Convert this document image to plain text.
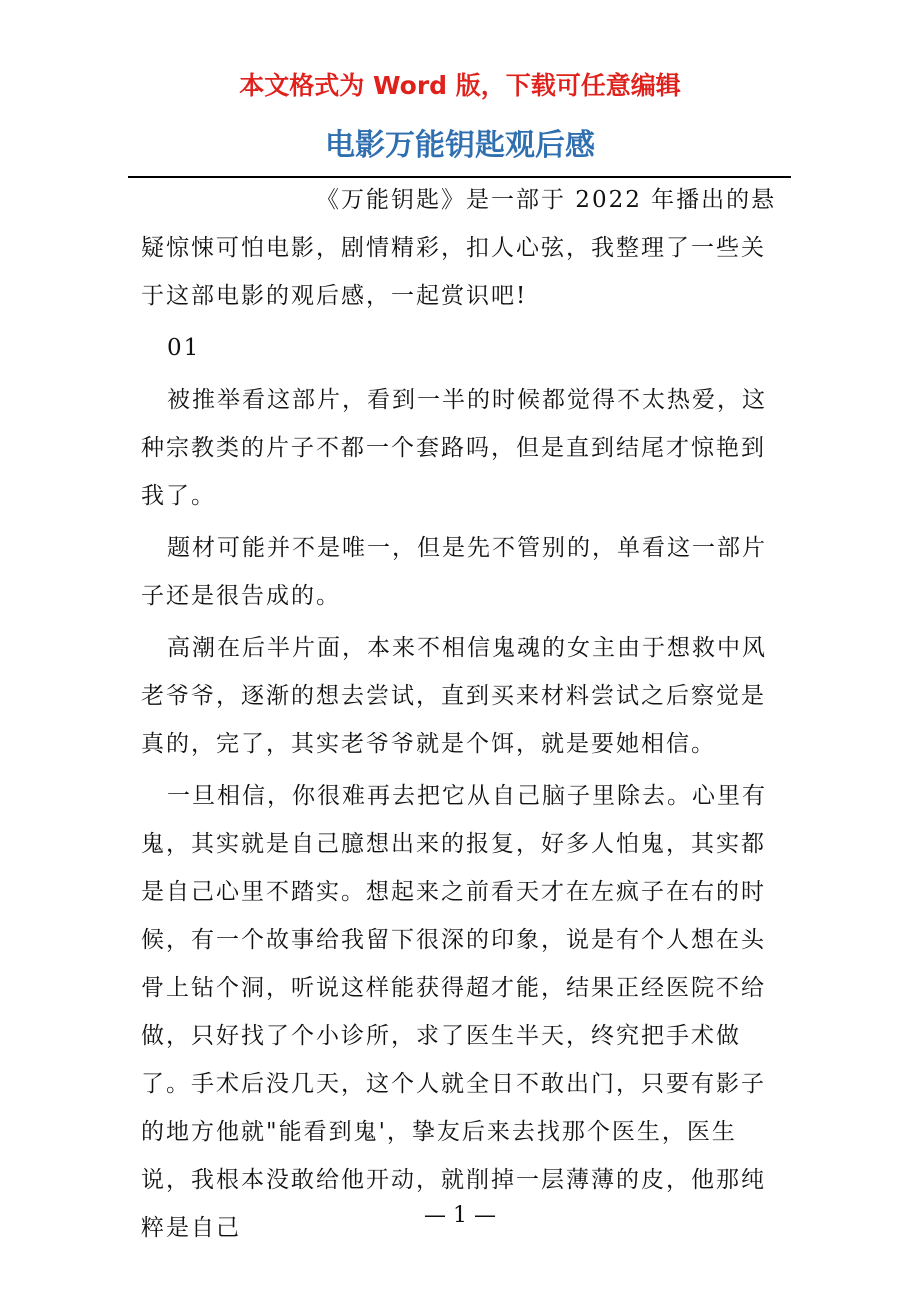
本文格式为 Word 版，下载可任意编辑
电影万能钥匙观后感

《万能钥匙》是一部于 2022 年播出的悬疑惊悚可怕电影，剧情精彩，扣人心弦，我整理了一些关于这部电影的观后感，一起赏识吧!

01

被推举看这部片，看到一半的时候都觉得不太热爱，这种宗教类的片子不都一个套路吗，但是直到结尾才惊艳到我了。

题材可能并不是唯一，但是先不管别的，单看这一部片子还是很告成的。

高潮在后半片面，本来不相信鬼魂的女主由于想救中风老爷爷，逐渐的想去尝试，直到买来材料尝试之后察觉是真的，完了，其实老爷爷就是个饵，就是要她相信。

一旦相信，你很难再去把它从自己脑子里除去。心里有鬼，其实就是自己臆想出来的报复，好多人怕鬼，其实都是自己心里不踏实。想起来之前看天才在左疯子在右的时候，有一个故事给我留下很深的印象，说是有个人想在头骨上钻个洞，听说这样能获得超才能，结果正经医院不给做，只好找了个小诊所，求了医生半天，终究把手术做了。手术后没几天，这个人就全日不敢出门，只要有影子的地方他就"能看到鬼'，挚友后来去找那个医生，医生说，我根本没敢给他开动，就削掉一层薄薄的皮，他那纯粹是自己	— 1 —
